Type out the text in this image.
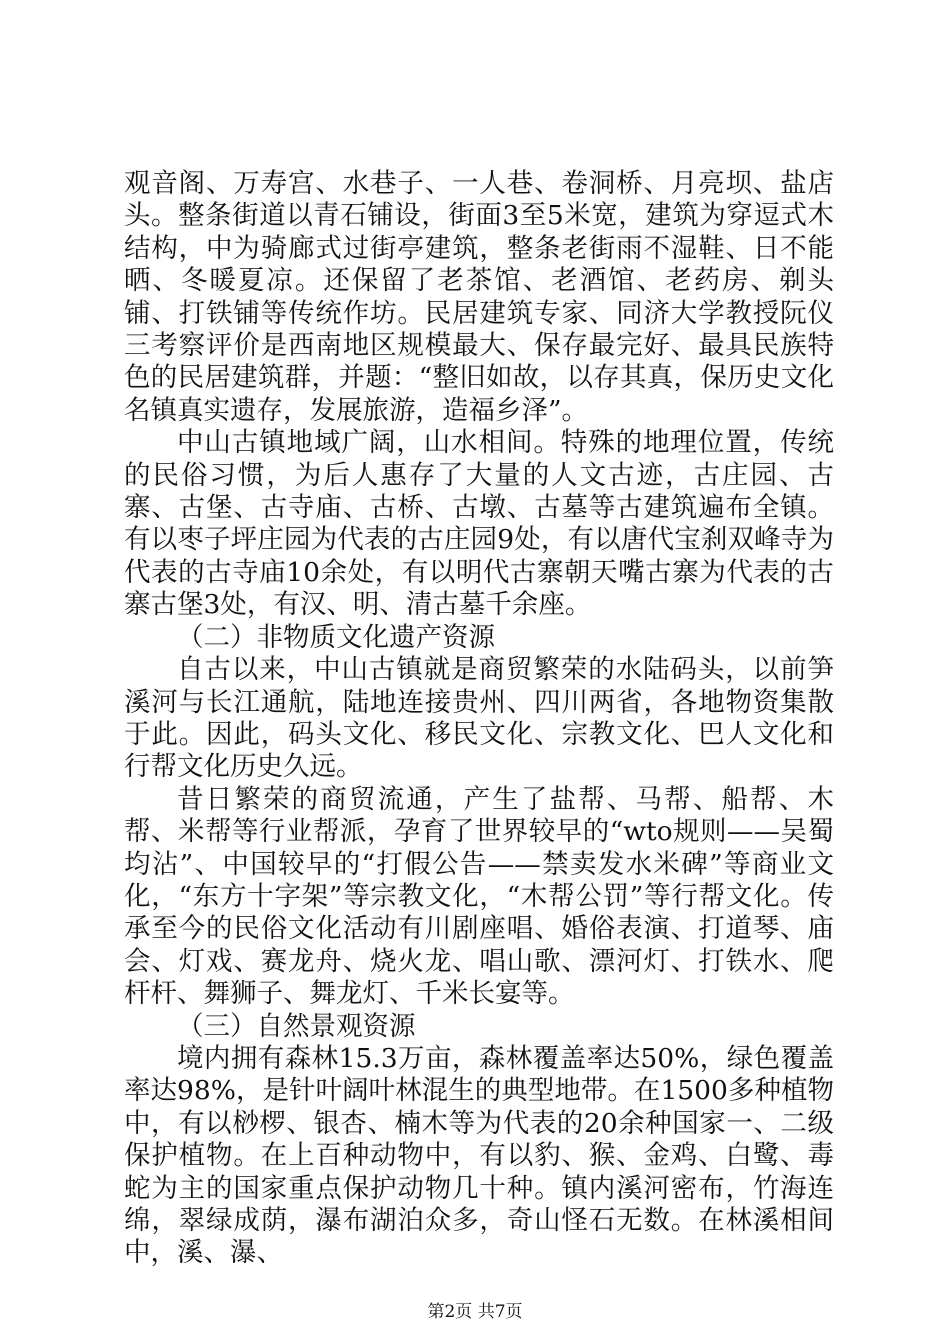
观音阁、万寿宫、水巷子、一人巷、卷洞桥、月亮坝、盐店头。整条街道以青石铺设，街面3至5米宽，建筑为穿逗式木结构，中为骑廊式过街亭建筑，整条老街雨不湿鞋、日不能晒、冬暖夏凉。还保留了老茶馆、老酒馆、老药房、剃头铺、打铁铺等传统作坊。民居建筑专家、同济大学教授阮仪三考察评价是西南地区规模最大、保存最完好、最具民族特色的民居建筑群，并题：“整旧如故，以存其真，保历史文化名镇真实遗存，发展旅游，造福乡泽”。

中山古镇地域广阔，山水相间。特殊的地理位置，传统的民俗习惯，为后人惠存了大量的人文古迹，古庄园、古寨、古堡、古寺庙、古桥、古墩、古墓等古建筑遍布全镇。有以枣子坪庄园为代表的古庄园9处，有以唐代宝刹双峰寺为代表的古寺庙10余处，有以明代古寨朝天嘴古寨为代表的古寨古堡3处，有汉、明、清古墓千余座。

（二）非物质文化遗产资源

自古以来，中山古镇就是商贸繁荣的水陆码头，以前笋溪河与长江通航，陆地连接贵州、四川两省，各地物资集散于此。因此，码头文化、移民文化、宗教文化、巴人文化和行帮文化历史久远。

昔日繁荣的商贸流通，产生了盐帮、马帮、船帮、木帮、米帮等行业帮派，孕育了世界较早的“wto规则——吴蜀均沾”、中国较早的“打假公告——禁卖发水米碑”等商业文化，“东方十字架”等宗教文化，“木帮公罚”等行帮文化。传承至今的民俗文化活动有川剧座唱、婚俗表演、打道琴、庙会、灯戏、赛龙舟、烧火龙、唱山歌、漂河灯、打铁水、爬杆杆、舞狮子、舞龙灯、千米长宴等。

（三）自然景观资源

境内拥有森林15.3万亩，森林覆盖率达50%，绿色覆盖率达98%，是针叶阔叶林混生的典型地带。在1500多种植物中，有以桫椤、银杏、楠木等为代表的20余种国家一、二级保护植物。在上百种动物中，有以豹、猴、金鸡、白鹭、毒蛇为主的国家重点保护动物几十种。镇内溪河密布，竹海连绵，翠绿成荫，瀑布湖泊众多，奇山怪石无数。在林溪相间中，溪、瀑、

第2页 共7页
